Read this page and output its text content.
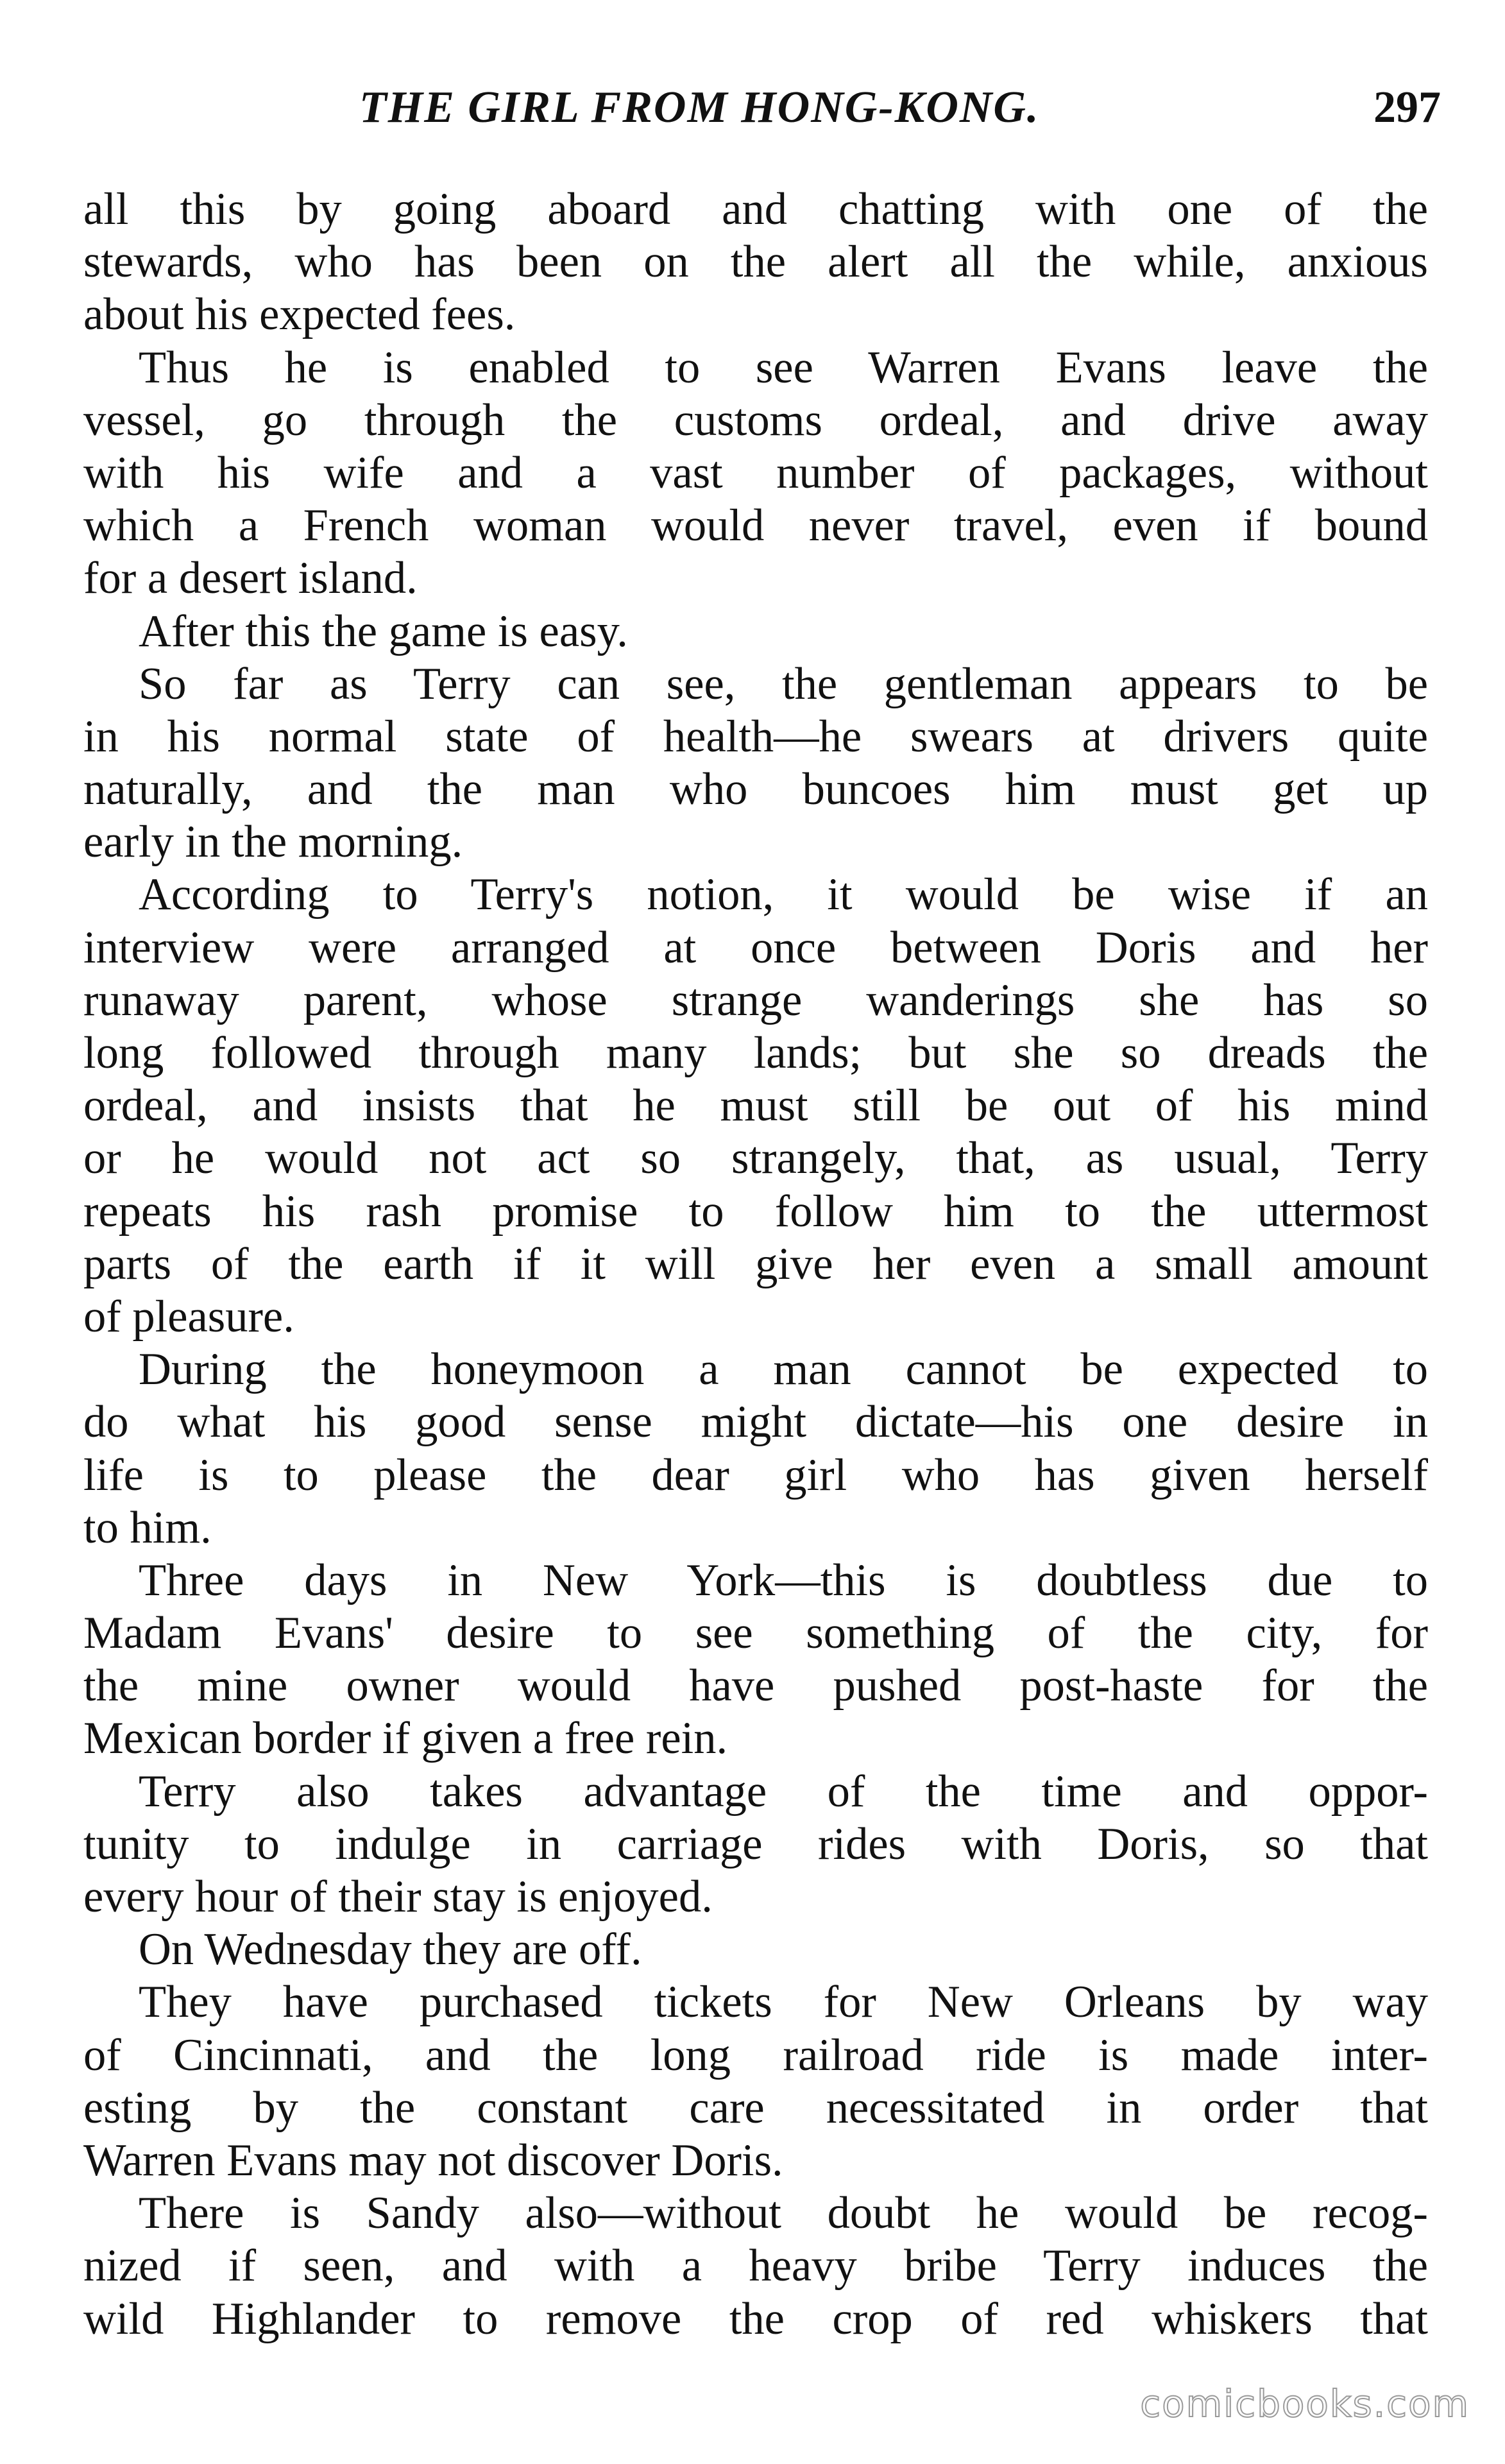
THE GIRL FROM HONG-KONG.	297
all this by going aboard and chatting with one of the
stewards, who has been on the alert all the while, anxious
about his expected fees.
Thus he is enabled to see Warren Evans leave the
vessel, go through the customs ordeal, and drive away
with his wife and a vast number of packages, without
which a French woman would never travel, even if bound
for a desert island.
After this the game is easy.
So far as Terry can see, the gentleman appears to be
in his normal state of health—he swears at drivers quite
naturally, and the man who buncoes him must get up
early in the morning.
According to Terry's notion, it would be wise if an
interview were arranged at once between Doris and her
runaway parent, whose strange wanderings she has so
long followed through many lands; but she so dreads the
ordeal, and insists that he must still be out of his mind
or he would not act so strangely, that, as usual, Terry
repeats his rash promise to follow him to the uttermost
parts of the earth if it will give her even a small amount
of pleasure.
During the honeymoon a man cannot be expected to
do what his good sense might dictate—his one desire in
life is to please the dear girl who has given herself
to him.
Three days in New York—this is doubtless due to
Madam Evans' desire to see something of the city, for
the mine owner would have pushed post-haste for the
Mexican border if given a free rein.
Terry also takes advantage of the time and oppor-
tunity to indulge in carriage rides with Doris, so that
every hour of their stay is enjoyed.
On Wednesday they are off.
They have purchased tickets for New Orleans by way
of Cincinnati, and the long railroad ride is made inter-
esting by the constant care necessitated in order that
Warren Evans may not discover Doris.
There is Sandy also—without doubt he would be recog-
nized if seen, and with a heavy bribe Terry induces the
wild Highlander to remove the crop of red whiskers that
comicbooks.com
